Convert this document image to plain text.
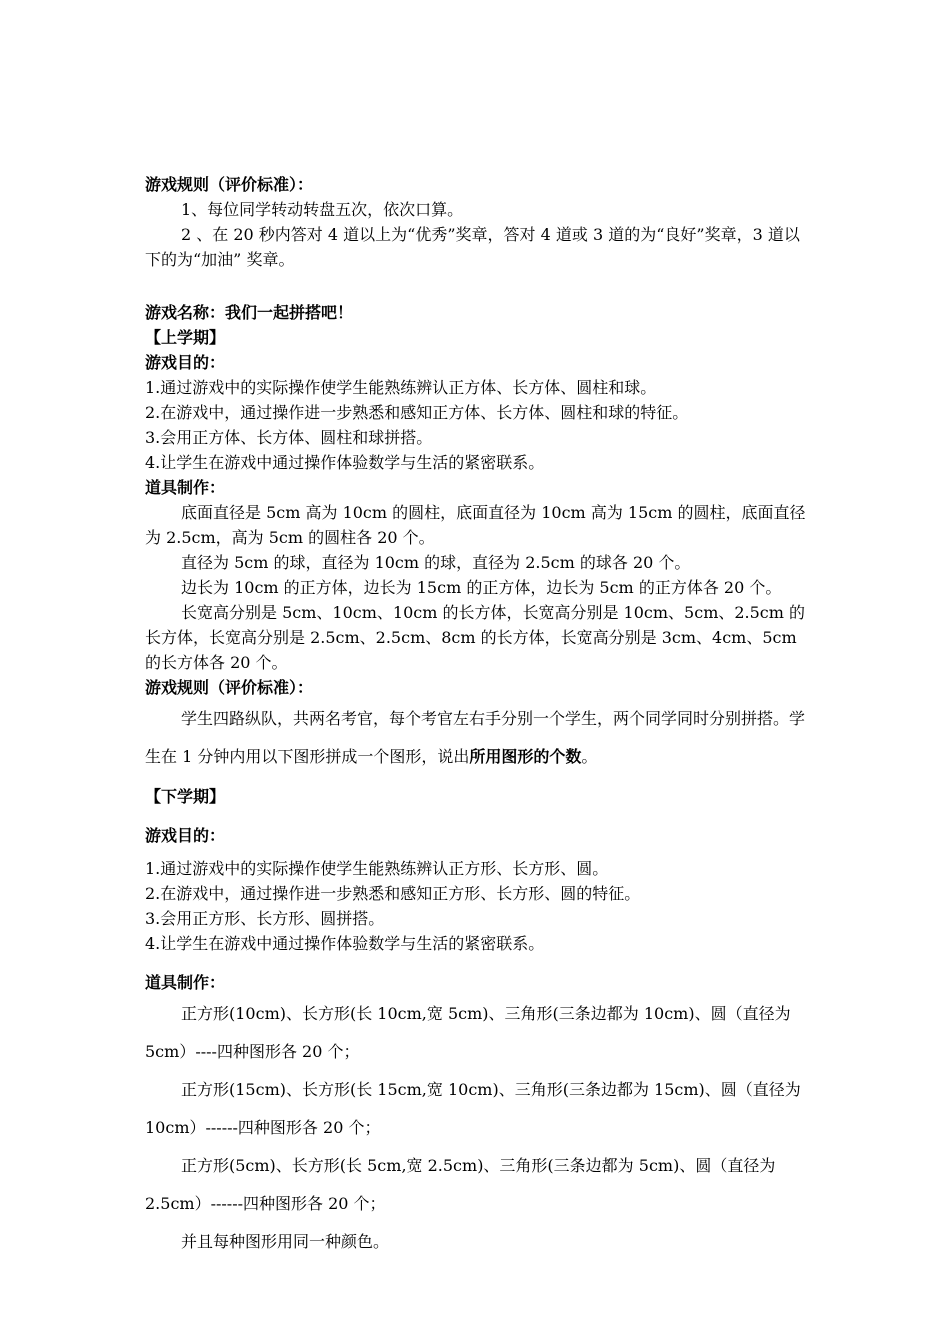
游戏规则（评价标准）：

1、每位同学转动转盘五次，依次口算。

2 、在 20 秒内答对 4 道以上为“优秀”奖章，答对 4 道或 3 道的为“良好”奖章，3 道以下的为“加油” 奖章。

游戏名称：我们一起拼搭吧！

【上学期】

游戏目的：

1.通过游戏中的实际操作使学生能熟练辨认正方体、长方体、圆柱和球。

2.在游戏中，通过操作进一步熟悉和感知正方体、长方体、圆柱和球的特征。

3.会用正方体、长方体、圆柱和球拼搭。

4.让学生在游戏中通过操作体验数学与生活的紧密联系。

道具制作：

底面直径是 5cm 高为 10cm 的圆柱，底面直径为 10cm 高为 15cm 的圆柱，底面直径为 2.5cm，高为 5cm 的圆柱各 20 个。

直径为 5cm 的球，直径为 10cm 的球，直径为 2.5cm 的球各 20 个。

边长为 10cm 的正方体，边长为 15cm 的正方体，边长为 5cm 的正方体各 20 个。

长宽高分别是 5cm、10cm、10cm 的长方体，长宽高分别是 10cm、5cm、2.5cm 的长方体，长宽高分别是 2.5cm、2.5cm、8cm 的长方体，长宽高分别是 3cm、4cm、5cm 的长方体各 20 个。

游戏规则（评价标准）：

学生四路纵队，共两名考官，每个考官左右手分别一个学生，两个同学同时分别拼搭。学生在 1 分钟内用以下图形拼成一个图形，说出所用图形的个数。

【下学期】

游戏目的：

1.通过游戏中的实际操作使学生能熟练辨认正方形、长方形、圆。

2.在游戏中，通过操作进一步熟悉和感知正方形、长方形、圆的特征。

3.会用正方形、长方形、圆拼搭。

4.让学生在游戏中通过操作体验数学与生活的紧密联系。

道具制作：

正方形(10cm)、长方形(长 10cm,宽 5cm)、三角形(三条边都为 10cm)、圆（直径为 5cm）----四种图形各 20 个；

正方形(15cm)、长方形(长 15cm,宽 10cm)、三角形(三条边都为 15cm)、圆（直径为 10cm）------四种图形各 20 个；

正方形(5cm)、长方形(长 5cm,宽 2.5cm)、三角形(三条边都为 5cm)、圆（直径为 2.5cm）------四种图形各 20 个；

并且每种图形用同一种颜色。
